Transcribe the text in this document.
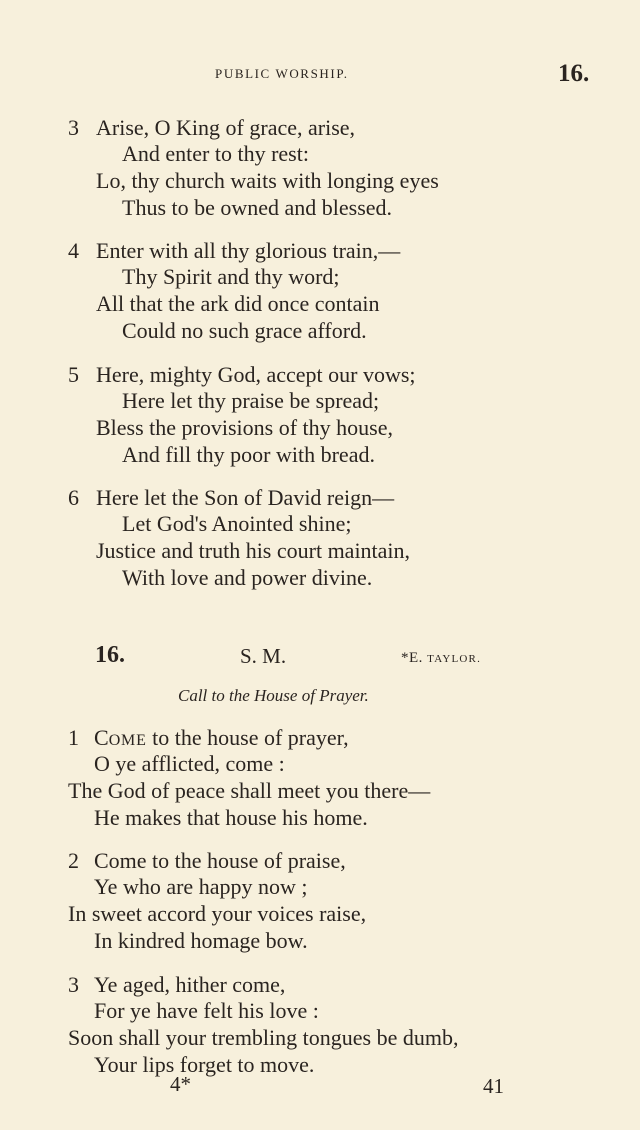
PUBLIC WORSHIP.	16.
3 Arise, O King of grace, arise,
And enter to thy rest:
Lo, thy church waits with longing eyes
Thus to be owned and blessed.
4 Enter with all thy glorious train,—
Thy Spirit and thy word;
All that the ark did once contain
Could no such grace afford.
5 Here, mighty God, accept our vows;
Here let thy praise be spread;
Bless the provisions of thy house,
And fill thy poor with bread.
6 Here let the Son of David reign—
Let God's Anointed shine;
Justice and truth his court maintain,
With love and power divine.
16.	S. M.	*E. TAYLOR.
Call to the House of Prayer.
1 COME to the house of prayer,
O ye afflicted, come :
The God of peace shall meet you there—
He makes that house his home.
2 Come to the house of praise,
Ye who are happy now ;
In sweet accord your voices raise,
In kindred homage bow.
3 Ye aged, hither come,
For ye have felt his love :
Soon shall your trembling tongues be dumb,
Your lips forget to move.
4*	41
